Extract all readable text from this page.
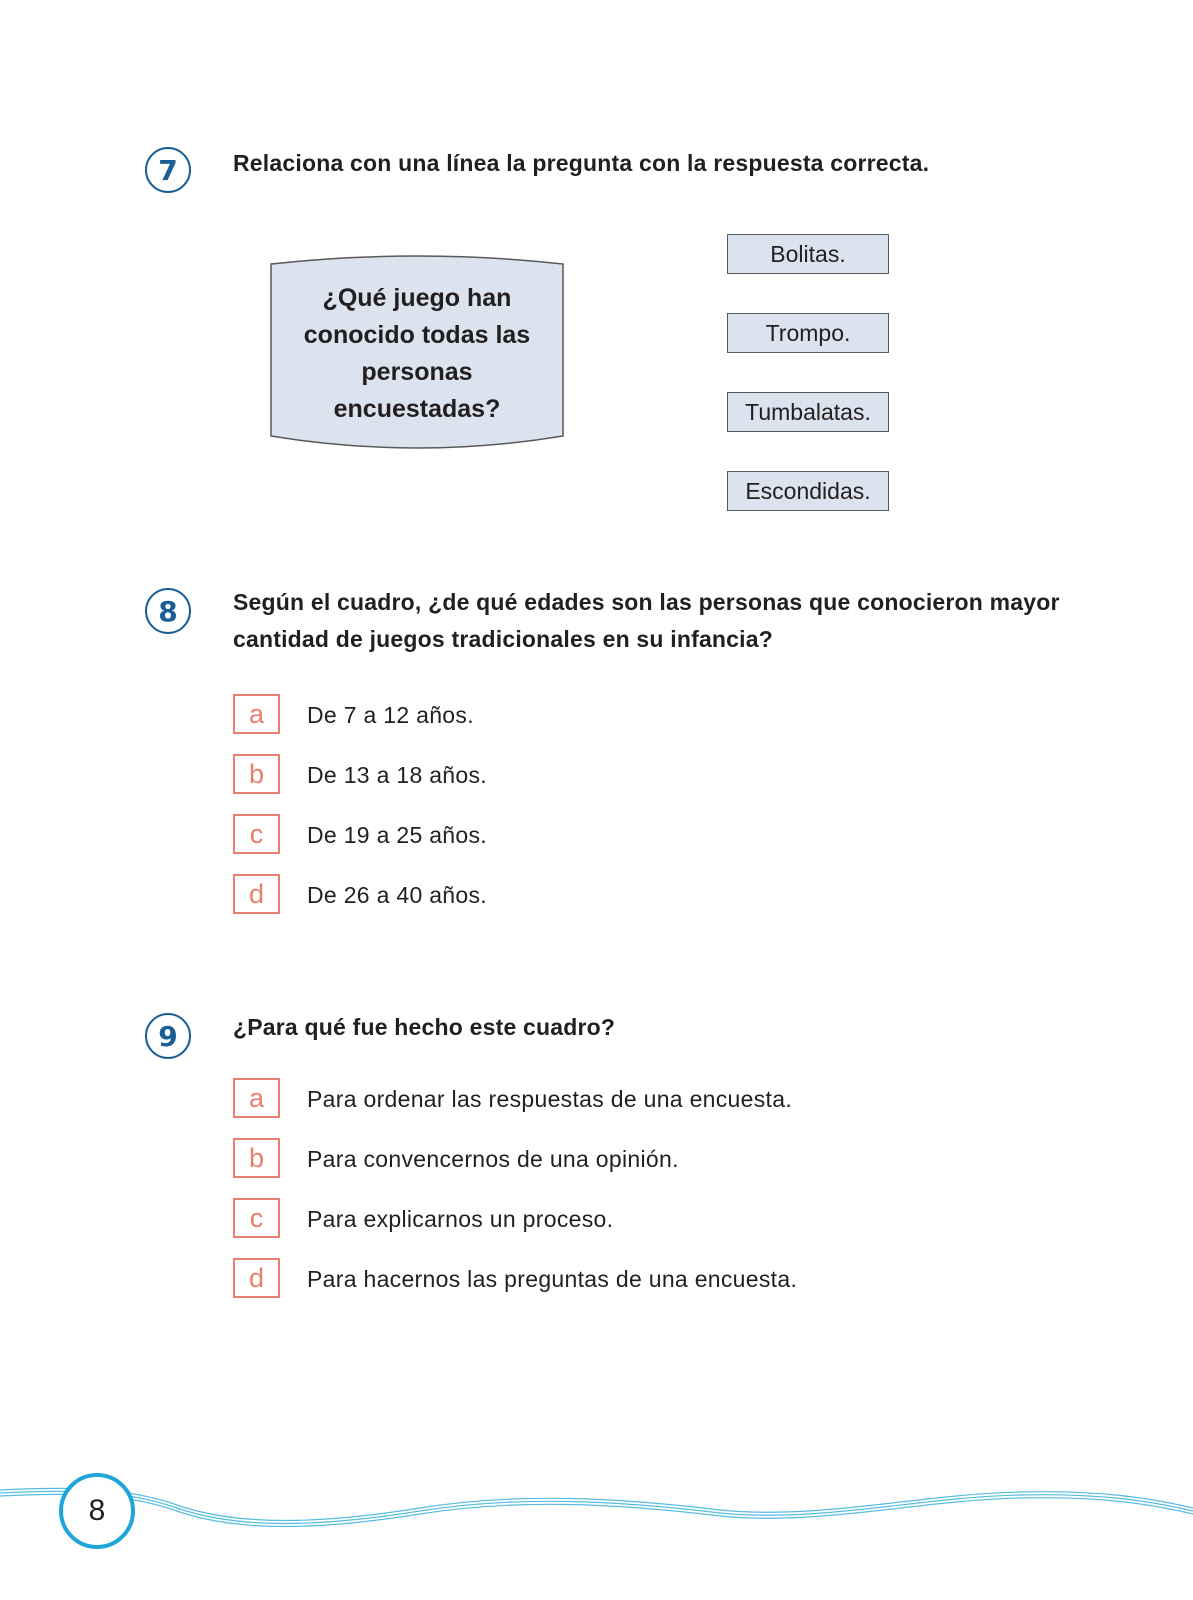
7	Relaciona con una línea la pregunta con la respuesta correcta.
¿Qué juego han conocido todas las personas encuestadas?
Bolitas.
Trompo.
Tumbalatas.
Escondidas.
8	Según el cuadro, ¿de qué edades son las personas que conocieron mayor cantidad de juegos tradicionales en su infancia?
a	De 7 a 12 años.
b	De 13 a 18 años.
c	De 19 a 25 años.
d	De 26 a 40 años.
9	¿Para qué fue hecho este cuadro?
a	Para ordenar las respuestas de una encuesta.
b	Para convencernos de una opinión.
c	Para explicarnos un proceso.
d	Para hacernos las preguntas de una encuesta.
8
